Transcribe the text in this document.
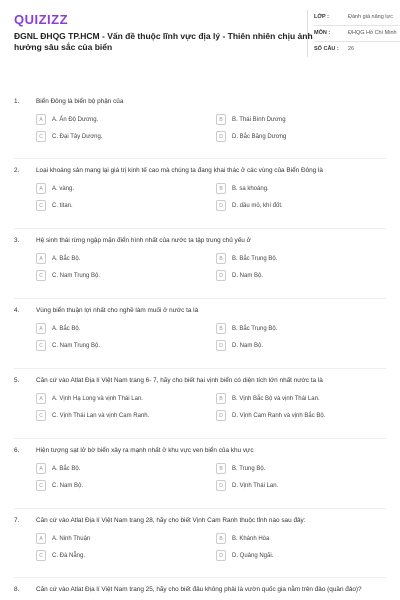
QUIZIZZ
ĐGNL ĐHQG TP.HCM - Vấn đề thuộc lĩnh vực địa lý - Thiên nhiên chịu ảnh hưởng sâu sắc của biển
LỚP :	Đánh giá năng lực
MÔN :	ĐHQG Hồ Chí Minh
SỐ CÂU :	26
1.	Biển Đông là biển bộ phận của
A	A. Ấn Độ Dương.	B	B. Thái Bình Dương
C	C. Đại Tây Dương.	D	D. Bắc Băng Dương
2.	Loại khoáng sản mang lại giá trị kinh tế cao mà chúng ta đang khai thác ở các vùng của Biển Đông là
A	A. vàng.	B	B. sa khoáng.
C	C. titan.	D	D. dầu mỏ, khí đốt.
3.	Hệ sinh thái rừng ngập mặn điển hình nhất của nước ta tập trung chủ yếu ở
A	A. Bắc Bộ.	B	B. Bắc Trung Bộ.
C	C. Nam Trung Bộ.	D	D. Nam Bộ.
4.	Vùng biển thuận lợi nhất cho nghề làm muối ở nước ta là
A	A. Bắc Bộ.	B	B. Bắc Trung Bộ.
C	C. Nam Trung Bộ.	D	D. Nam Bộ.
5.	Căn cứ vào Atlat Địa lí Việt Nam trang 6- 7, hãy cho biết hai vịnh biển có diện tích lớn nhất nước ta là
A	A. Vịnh Hạ Long và vịnh Thái Lan.	B	B. Vịnh Bắc Bộ và vịnh Thái Lan.
C	C. Vịnh Thái Lan và vịnh Cam Ranh.	D	D. Vịnh Cam Ranh và vịnh Bắc Bộ.
6.	Hiện tượng sạt lở bờ biển xảy ra mạnh nhất ở khu vực ven biển của khu vực
A	A. Bắc Bộ.	B	B. Trung Bộ.
C	C. Nam Bộ.	D	D. Vịnh Thái Lan.
7.	Căn cứ vào Atlat Địa lí Việt Nam trang 28, hãy cho biết Vịnh Cam Ranh thuộc tỉnh nào sau đây:
A	A. Ninh Thuận	B	B. Khánh Hòa
C	C. Đà Nẵng.	D	D. Quảng Ngãi.
8.	Căn cứ vào Atlat Địa lí Việt Nam trang 25, hãy cho biết đâu không phải là vườn quốc gia nằm trên đảo (quần đảo)?
